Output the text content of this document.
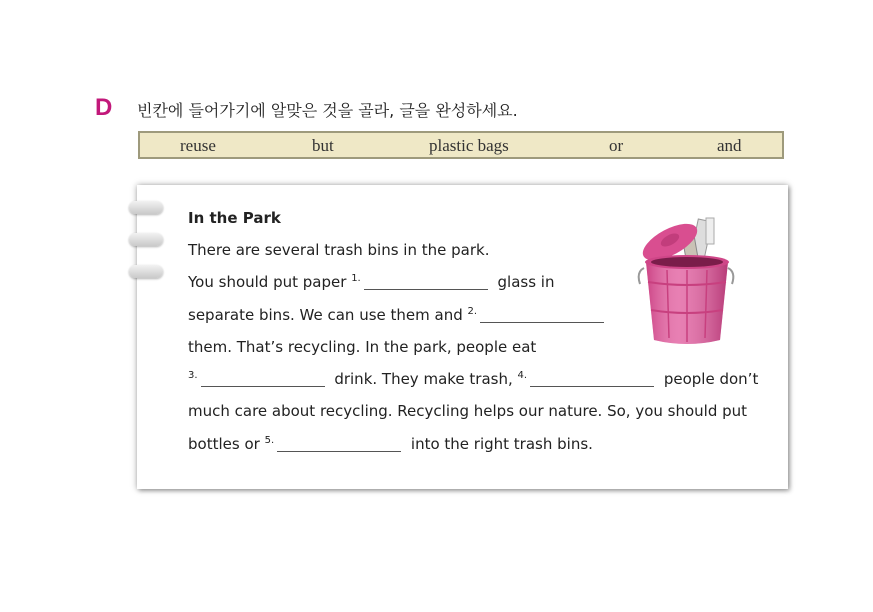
D 빈칸에 들어가기에 알맞은 것을 골라, 글을 완성하세요.
reuse	but	plastic bags	or	and
In the Park
There are several trash bins in the park.
You should put paper $^{1.}$	glass in
separate bins. We can use them and $^{2.}$
them. That’s recycling. In the park, people eat
$^{3.}$	drink. They make trash, $^{4.}$	people don’t
much care about recycling. Recycling helps our nature. So, you should put
bottles or $^{5.}$	into the right trash bins.
